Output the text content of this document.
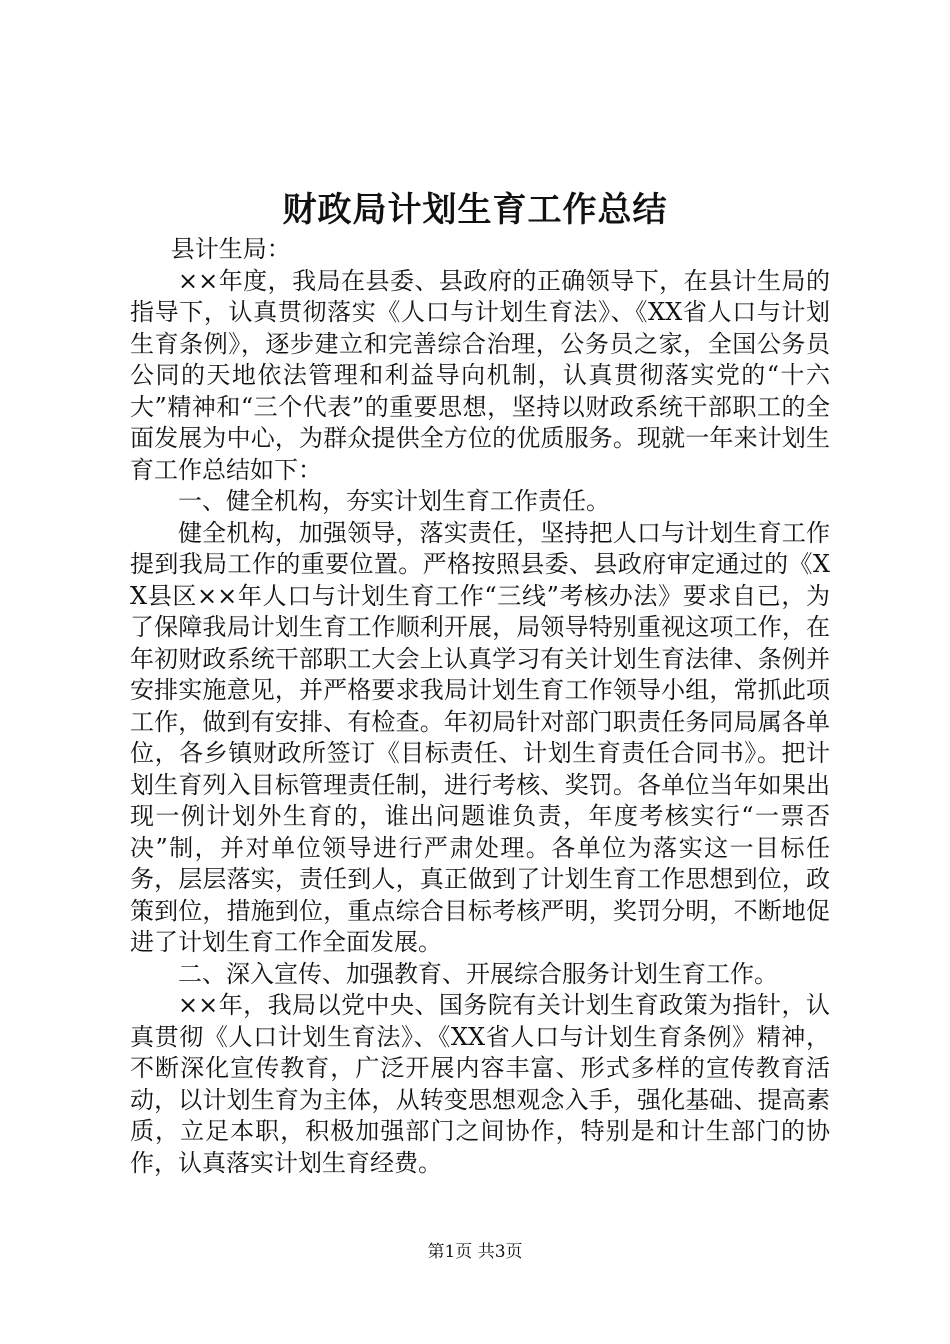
财政局计划生育工作总结

县计生局：

××年度，我局在县委、县政府的正确领导下，在县计生局的指导下，认真贯彻落实《人口与计划生育法》、《XX省人口与计划生育条例》，逐步建立和完善综合治理，公务员之家，全国公务员公同的天地依法管理和利益导向机制，认真贯彻落实党的“十六大”精神和“三个代表”的重要思想，坚持以财政系统干部职工的全面发展为中心，为群众提供全方位的优质服务。现就一年来计划生育工作总结如下：

一、健全机构，夯实计划生育工作责任。

健全机构，加强领导，落实责任，坚持把人口与计划生育工作提到我局工作的重要位置。严格按照县委、县政府审定通过的《XX县区××年人口与计划生育工作“三线”考核办法》要求自已，为了保障我局计划生育工作顺利开展，局领导特别重视这项工作，在年初财政系统干部职工大会上认真学习有关计划生育法律、条例并安排实施意见，并严格要求我局计划生育工作领导小组，常抓此项工作，做到有安排、有检查。年初局针对部门职责任务同局属各单位，各乡镇财政所签订《目标责任、计划生育责任合同书》。把计划生育列入目标管理责任制，进行考核、奖罚。各单位当年如果出现一例计划外生育的，谁出问题谁负责，年度考核实行“一票否决”制，并对单位领导进行严肃处理。各单位为落实这一目标任务，层层落实，责任到人，真正做到了计划生育工作思想到位，政策到位，措施到位，重点综合目标考核严明，奖罚分明，不断地促进了计划生育工作全面发展。

二、深入宣传、加强教育、开展综合服务计划生育工作。

××年，我局以党中央、国务院有关计划生育政策为指针，认真贯彻《人口计划生育法》、《XX省人口与计划生育条例》精神，不断深化宣传教育，广泛开展内容丰富、形式多样的宣传教育活动，以计划生育为主体，从转变思想观念入手，强化基础、提高素质，立足本职，积极加强部门之间协作，特别是和计生部门的协作，认真落实计划生育经费。

第1页 共3页
